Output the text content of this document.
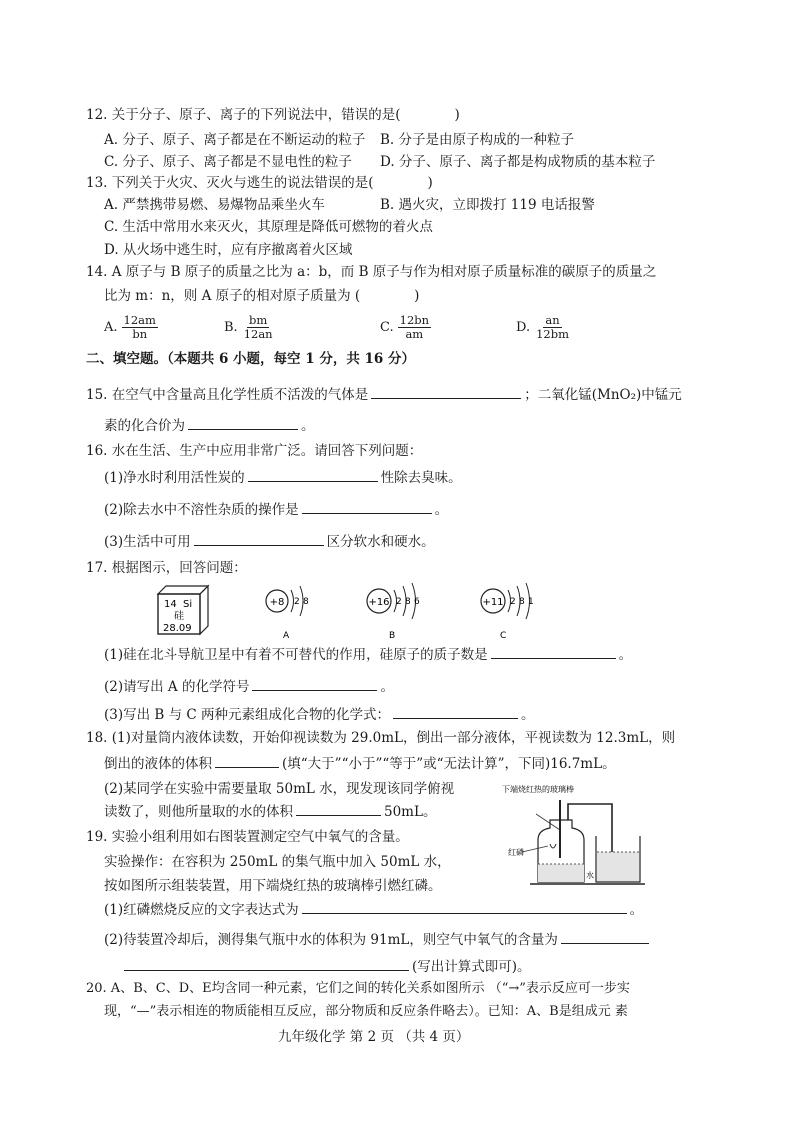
12. 关于分子、原子、离子的下列说法中，错误的是(　　　　)
A. 分子、原子、离子都是在不断运动的粒子 B. 分子是由原子构成的一种粒子
C. 分子、原子、离子都是不显电性的粒子 D. 分子、原子、离子都是构成物质的基本粒子
13. 下列关于火灾、灭火与逃生的说法错误的是(　　　　)
A. 严禁携带易燃、易爆物品乘坐火车	B. 遇火灾，立即拨打 119 电话报警
C. 生活中常用水来灭火，其原理是降低可燃物的着火点
D. 从火场中逃生时，应有序撤离着火区域
14. A 原子与 B 原子的质量之比为 a：b，而 B 原子与作为相对原子质量标准的碳原子的质量之
比为 m：n，则 A 原子的相对原子质量为 (　　　　)
A. $\frac{12am}{bn}$	B. $\frac{bm}{12an}$	C. $\frac{12bn}{am}$	D. $\frac{an}{12bm}$
二、填空题。（本题共 6 小题，每空 1 分，共 16 分）
15. 在空气中含量高且化学性质不活泼的气体是	；二氧化锰(MnO₂)中锰元
素的化合价为	。
16. 水在生活、生产中应用非常广泛。请回答下列问题：
(1)净水时利用活性炭的	性除去臭味。
(2)除去水中不溶性杂质的操作是	。
(3)生活中可用	区分软水和硬水。
17. 根据图示，回答问题：
14 Si
硅
28.09
+8 2 8	+16 2 8 6	+11 2 8 1
A	B	C
(1)硅在北斗导航卫星中有着不可替代的作用，硅原子的质子数是	。
(2)请写出 A 的化学符号	。
(3)写出 B 与 C 两种元素组成化合物的化学式：	。
18. (1)对量筒内液体读数，开始仰视读数为 29.0mL，倒出一部分液体，平视读数为 12.3mL，则
倒出的液体的体积	(填“大于”“小于”“等于”或“无法计算”，下同)16.7mL。
(2)某同学在实验中需要量取 50mL 水，现发现该同学俯视
读数了，则他所量取的水的体积	50mL。
下端烧红热的玻璃棒
红磷
水
19. 实验小组利用如右图装置测定空气中氧气的含量。
实验操作：在容积为 250mL 的集气瓶中加入 50mL 水，
按如图所示组装装置，用下端烧红热的玻璃棒引燃红磷。
(1)红磷燃烧反应的文字表达式为	。
(2)待装置冷却后，测得集气瓶中水的体积为 91mL，则空气中氧气的含量为
(写出计算式即可)。
20. A、B、C、D、E均含同一种元素，它们之间的转化关系如图所示 （“→”表示反应可一步实
现，“—”表示相连的物质能相互反应，部分物质和反应条件略去）。已知：A、B是组成元 素
九年级化学 第 2 页 （共 4 页）
